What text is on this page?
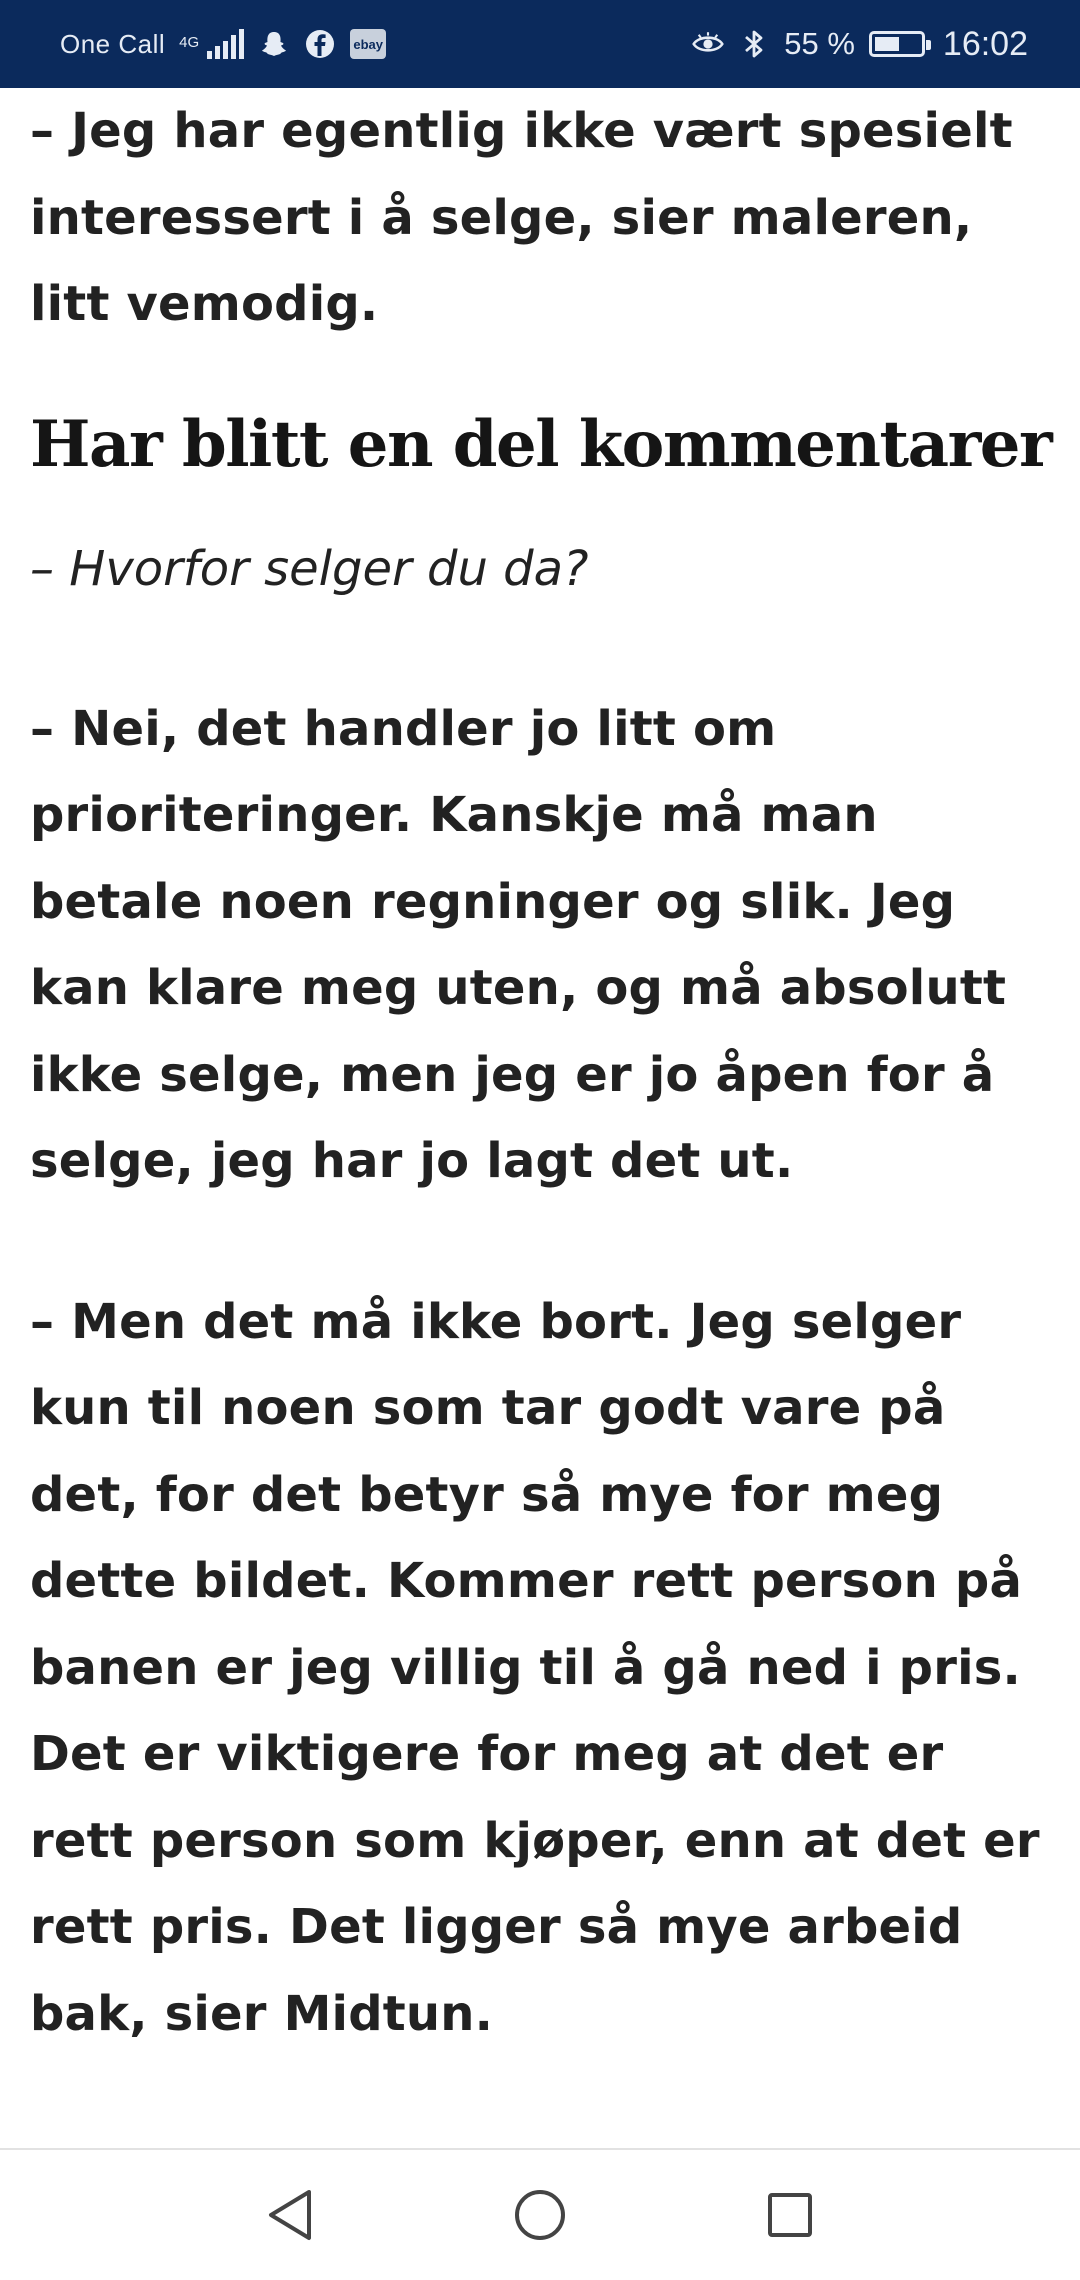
One Call 4G	ebay	55 %	16:02

– Jeg har egentlig ikke vært spesielt interessert i å selge, sier maleren, litt vemodig.

Har blitt en del kommentarer

– Hvorfor selger du da?

– Nei, det handler jo litt om prioriteringer. Kanskje må man betale noen regninger og slik. Jeg kan klare meg uten, og må absolutt ikke selge, men jeg er jo åpen for å selge, jeg har jo lagt det ut.

– Men det må ikke bort. Jeg selger kun til noen som tar godt vare på det, for det betyr så mye for meg dette bildet. Kommer rett person på banen er jeg villig til å gå ned i pris. Det er viktigere for meg at det er rett person som kjøper, enn at det er rett pris. Det ligger så mye arbeid bak, sier Midtun.
